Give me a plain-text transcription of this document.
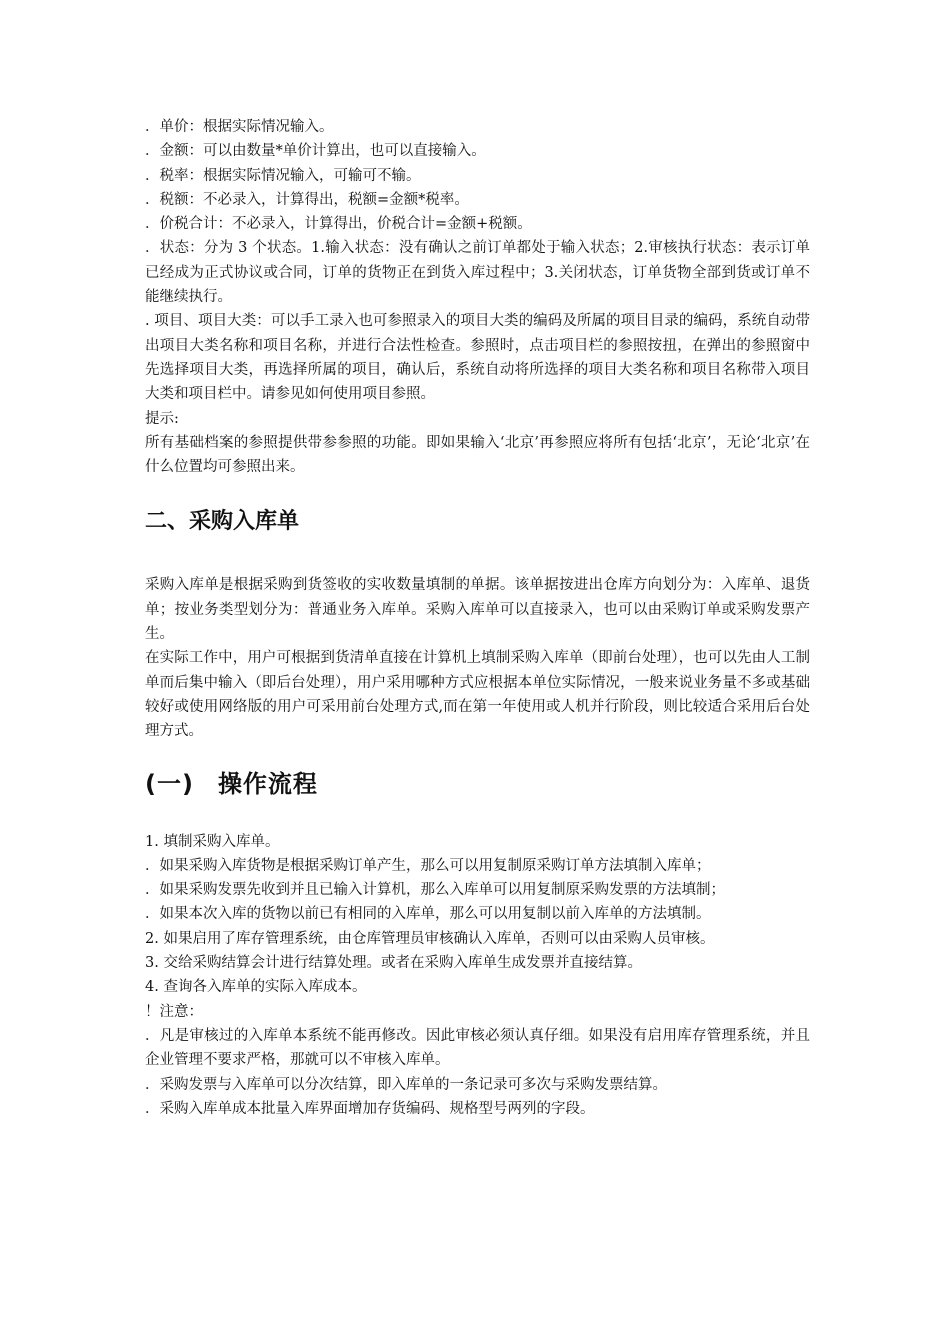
．单价：根据实际情况输入。

．金额：可以由数量*单价计算出，也可以直接输入。

．税率：根据实际情况输入，可输可不输。

．税额：不必录入，计算得出，税额=金额*税率。

．价税合计：不必录入，计算得出，价税合计=金额+税额。

．状态：分为 3 个状态。1.输入状态：没有确认之前订单都处于输入状态；2.审核执行状态：表示订单已经成为正式协议或合同，订单的货物正在到货入库过程中；3.关闭状态，订单货物全部到货或订单不能继续执行。

. 项目、项目大类：可以手工录入也可参照录入的项目大类的编码及所属的项目目录的编码，系统自动带出项目大类名称和项目名称，并进行合法性检查。参照时，点击项目栏的参照按扭，在弹出的参照窗中先选择项目大类，再选择所属的项目，确认后，系统自动将所选择的项目大类名称和项目名称带入项目大类和项目栏中。请参见如何使用项目参照。

提示:

所有基础档案的参照提供带参参照的功能。即如果输入‘北京’再参照应将所有包括‘北京’，无论‘北京’在什么位置均可参照出来。

二、采购入库单

采购入库单是根据采购到货签收的实收数量填制的单据。该单据按进出仓库方向划分为：入库单、退货单；按业务类型划分为：普通业务入库单。采购入库单可以直接录入，也可以由采购订单或采购发票产生。

在实际工作中，用户可根据到货清单直接在计算机上填制采购入库单（即前台处理），也可以先由人工制单而后集中输入（即后台处理），用户采用哪种方式应根据本单位实际情况，一般来说业务量不多或基础较好或使用网络版的用户可采用前台处理方式,而在第一年使用或人机并行阶段，则比较适合采用后台处理方式。

(一) 操作流程

1. 填制采购入库单。

．如果采购入库货物是根据采购订单产生，那么可以用复制原采购订单方法填制入库单；

．如果采购发票先收到并且已输入计算机，那么入库单可以用复制原采购发票的方法填制；

．如果本次入库的货物以前已有相同的入库单，那么可以用复制以前入库单的方法填制。

2. 如果启用了库存管理系统，由仓库管理员审核确认入库单，否则可以由采购人员审核。

3. 交给采购结算会计进行结算处理。或者在采购入库单生成发票并直接结算。

4. 查询各入库单的实际入库成本。

！注意：

．凡是审核过的入库单本系统不能再修改。因此审核必须认真仔细。如果没有启用库存管理系统，并且企业管理不要求严格，那就可以不审核入库单。

．采购发票与入库单可以分次结算，即入库单的一条记录可多次与采购发票结算。

．采购入库单成本批量入库界面增加存货编码、规格型号两列的字段。
